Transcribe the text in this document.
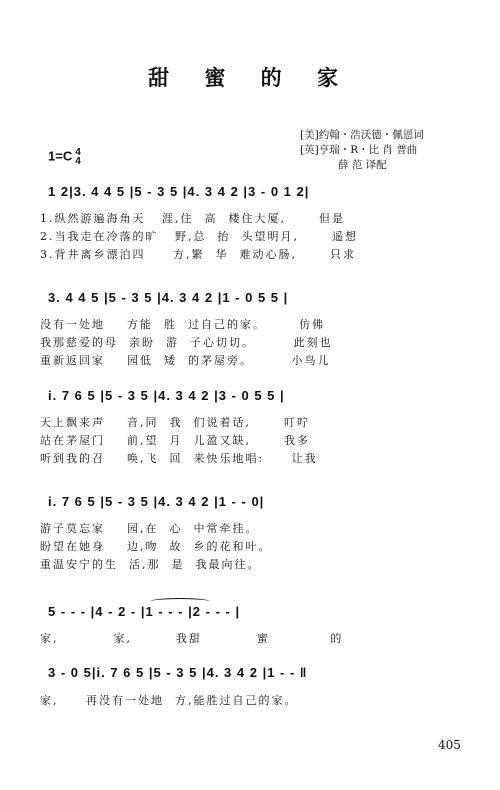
甜 蜜 的 家
1=C 4
4
[美]约翰・浩沃德・佩恩词
[英]亨瑞・R・比 肖 普曲
薛 范 译配
1 2|3. 4 4 5 |5 - 3 5 |4. 3 4 2 |3 - 0 1 2|
1.纵然游遍海角天   涯,住  高  楼住大厦,      但是
2.当我走在冷落的旷   野,总  抬  头望明月,      遥想
3.背井离乡漂泊四     方,繁  华  难动心肠,      只求
3. 4 4 5 |5 - 3 5 |4. 3 4 2 |1 - 0 5 5 |
没有一处地    方能  胜  过自己的家。      仿佛
我那慈爱的母  亲盼  游  子心切切。       此刻也
重新返回家    园低  矮  的茅屋旁。       小鸟儿
i. 7 6 5 |5 - 3 5 |4. 3 4 2 |3 - 0 5 5 |
天上飘来声    音,同  我  们说着话,      叮咛
站在茅屋门    前,望  月  儿盈又缺,      我多
听到我的召    唤,飞  回  来快乐地唱:     让我
i. 7 6 5 |5 - 3 5 |4. 3 4 2 |1 - - 0|
游子莫忘家    园,在  心  中常牵挂。
盼望在她身    边,吻  故  乡的花和叶。
重温安宁的生  活,那  是  我最向往。
5 - - - |4 - 2 - |1 - - - |2 - - - |
家,          家,        我甜          蜜           的
3 - 0 5|i. 7 6 5 |5 - 3 5 |4. 3 4 2 |1 - - ‖
家,     再没有一处地  方,能胜过自己的家。
405
